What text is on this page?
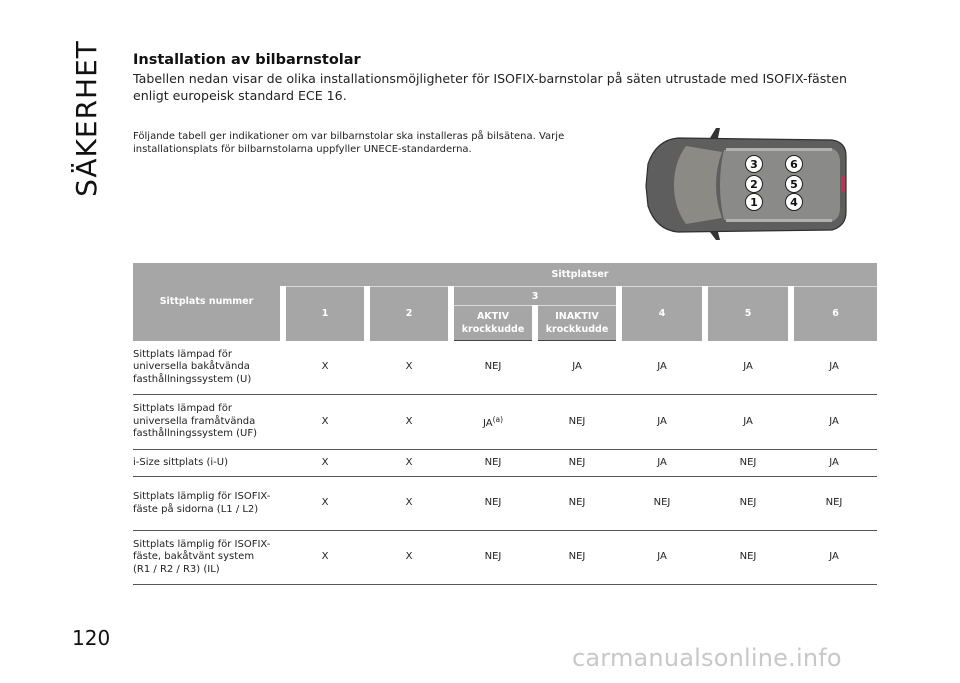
SÄKERHET
120
Installation av bilbarnstolar
Tabellen nedan visar de olika installationsmöjligheter för ISOFIX-barnstolar på säten utrustade med ISOFIX-fästen enligt europeisk standard ECE 16.
Följande tabell ger indikationer om var bilbarnstolar ska installeras på bilsätena. Varje installationsplats för bilbarnstolarna uppfyller UNECE-standarderna.
3	6
2	5
1	4
Sittplats nummer	Sittplatser						
	1	2	3		4	5	6
			AKTIV krockkudde	INAKTIV krockkudde			
Sittplats lämpad för universella bakåtvända fasthållningssystem (U)	X	X	NEJ	JA	JA	JA	JA
Sittplats lämpad för universella framåtvända fasthållningssystem (UF)	X	X	JA$^{(a)}$	NEJ	JA	JA	JA
i-Size sittplats (i-U)	X	X	NEJ	NEJ	JA	NEJ	JA
Sittplats lämplig för ISOFIX-fäste på sidorna (L1 / L2)	X	X	NEJ	NEJ	NEJ	NEJ	NEJ
Sittplats lämplig för ISOFIX-fäste, bakåtvänt system (R1 / R2 / R3) (IL)	X	X	NEJ	NEJ	JA	NEJ	JA
carmanualsonline.info
